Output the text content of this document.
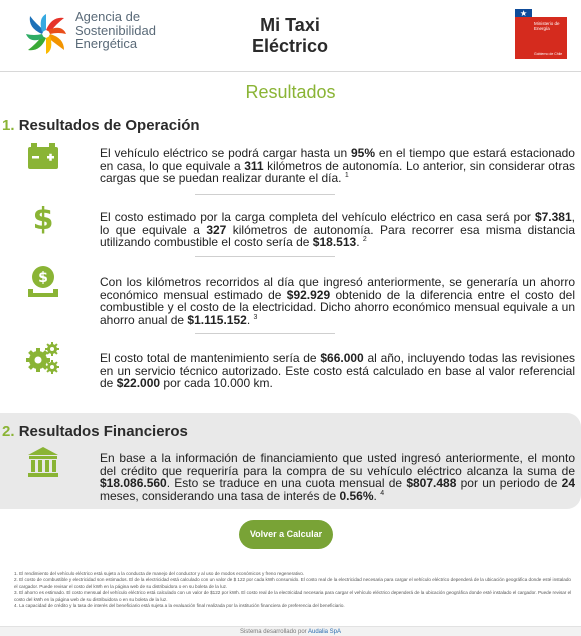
Agencia de
Sostenibilidad
Energética
Mi Taxi
Eléctrico
Ministerio de
Energía
Gobierno de Chile
Resultados
1. Resultados de Operación
El vehículo eléctrico se podrá cargar hasta un 95% en el tiempo que estará estacionado en casa, lo que equivale a 311 kilómetros de autonomía. Lo anterior, sin considerar otras cargas que se puedan realizar durante el día. $^1$
$	El costo estimado por la carga completa del vehículo eléctrico en casa será por $7.381, lo que equivale a 327 kilómetros de autonomía. Para recorrer esa misma distancia utilizando combustible el costo sería de $18.513. $^2$
$	Con los kilómetros recorridos al día que ingresó anteriormente, se generaría un ahorro económico mensual estimado de $92.929 obtenido de la diferencia entre el costo del combustible y el costo de la electricidad. Dicho ahorro económico mensual equivale a un ahorro anual de $1.115.152. $^3$
El costo total de mantenimiento sería de $66.000 al año, incluyendo todas las revisiones en un servicio técnico autorizado. Este costo está calculado en base al valor referencial de $22.000 por cada 10.000 km.
2. Resultados Financieros
En base a la información de financiamiento que usted ingresó anteriormente, el monto del crédito que requeriría para la compra de su vehículo eléctrico alcanza la suma de $18.086.560. Esto se traduce en una cuota mensual de $807.488 por un periodo de 24 meses, considerando una tasa de interés de 0.56%. $^4$
Volver a Calcular
1. El rendimiento del vehículo eléctrico está sujeto a la conducta de manejo del conductor y al uso de modos económicos y freno regenerativo.
2. El costo de combustible y electricidad son estimados. El de la electricidad está calculado con un valor de $ 122 por cada kWh consumido. El costo real de la electricidad necesaria para cargar el vehículo eléctrico dependerá de la ubicación geográfica donde esté instalado el cargador. Puede revisar el costo del kWh en la página web de su distribuidora o en su boleta de la luz.
3. El ahorro es estimado. El costo mensual del vehículo eléctrico está calculado con un valor de $122 por kWh. El costo real de la electricidad necesaria para cargar el vehículo eléctrico dependerá de la ubicación geográfica donde esté instalado el cargador. Puede revisar el costo del kWh en la página web de su distribuidora o en su boleta de la luz.
4. La capacidad de crédito y la tasa de interés del beneficiario está sujeta a la evaluación final realizada por la institución financiera de preferencia del beneficiario.
Sistema desarrollado por Audalia SpA
